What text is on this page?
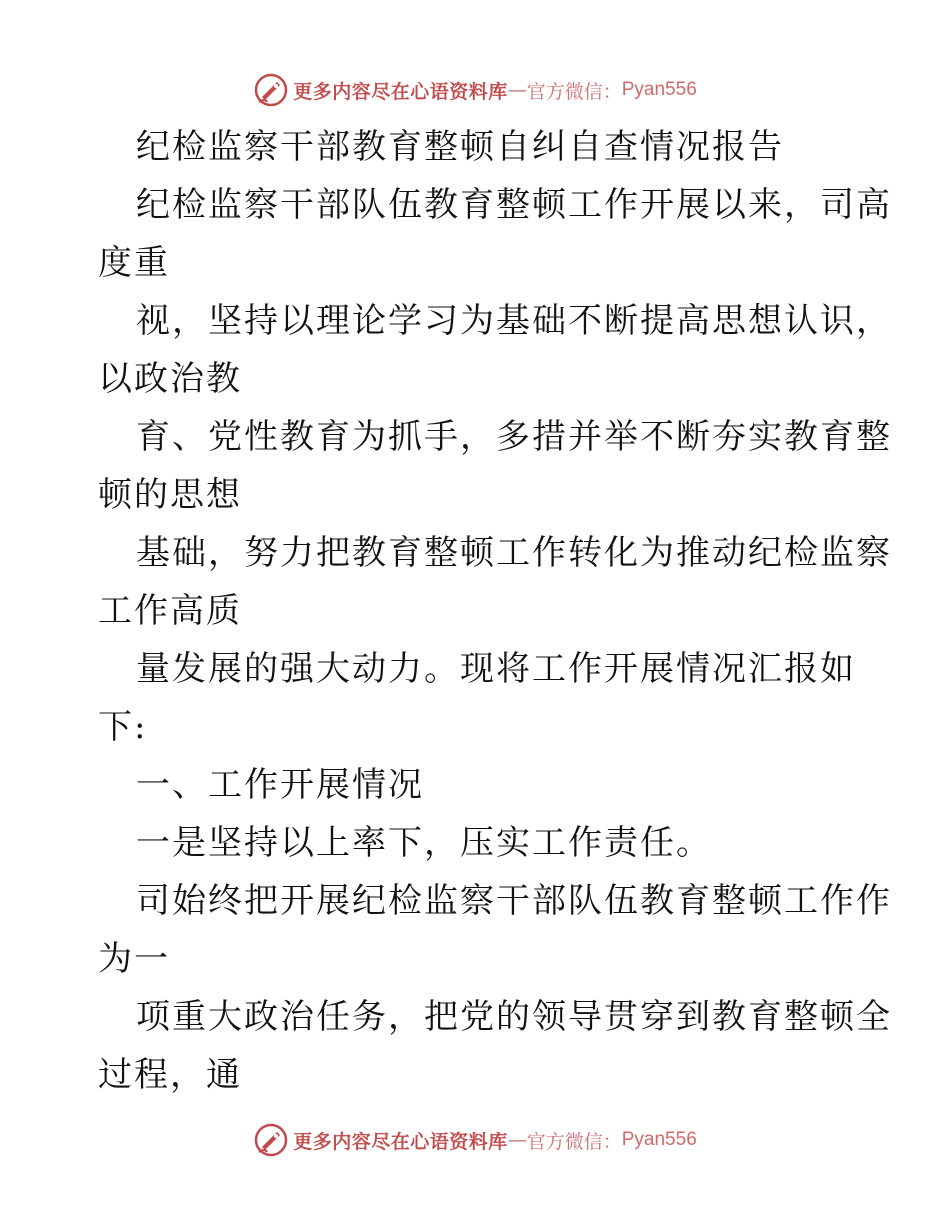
更多内容尽在心语资料库 — 官方微信： Pyan556
纪检监察干部教育整顿自纠自查情况报告
纪检监察干部队伍教育整顿工作开展以来，司高
度重
视，坚持以理论学习为基础不断提高思想认识，
以政治教
育、党性教育为抓手，多措并举不断夯实教育整
顿的思想
基础，努力把教育整顿工作转化为推动纪检监察
工作高质
量发展的强大动力。现将工作开展情况汇报如
下:
一、工作开展情况
一是坚持以上率下，压实工作责任。
司始终把开展纪检监察干部队伍教育整顿工作作
为一
项重大政治任务，把党的领导贯穿到教育整顿全
过程，通
更多内容尽在心语资料库 — 官方微信： Pyan556
